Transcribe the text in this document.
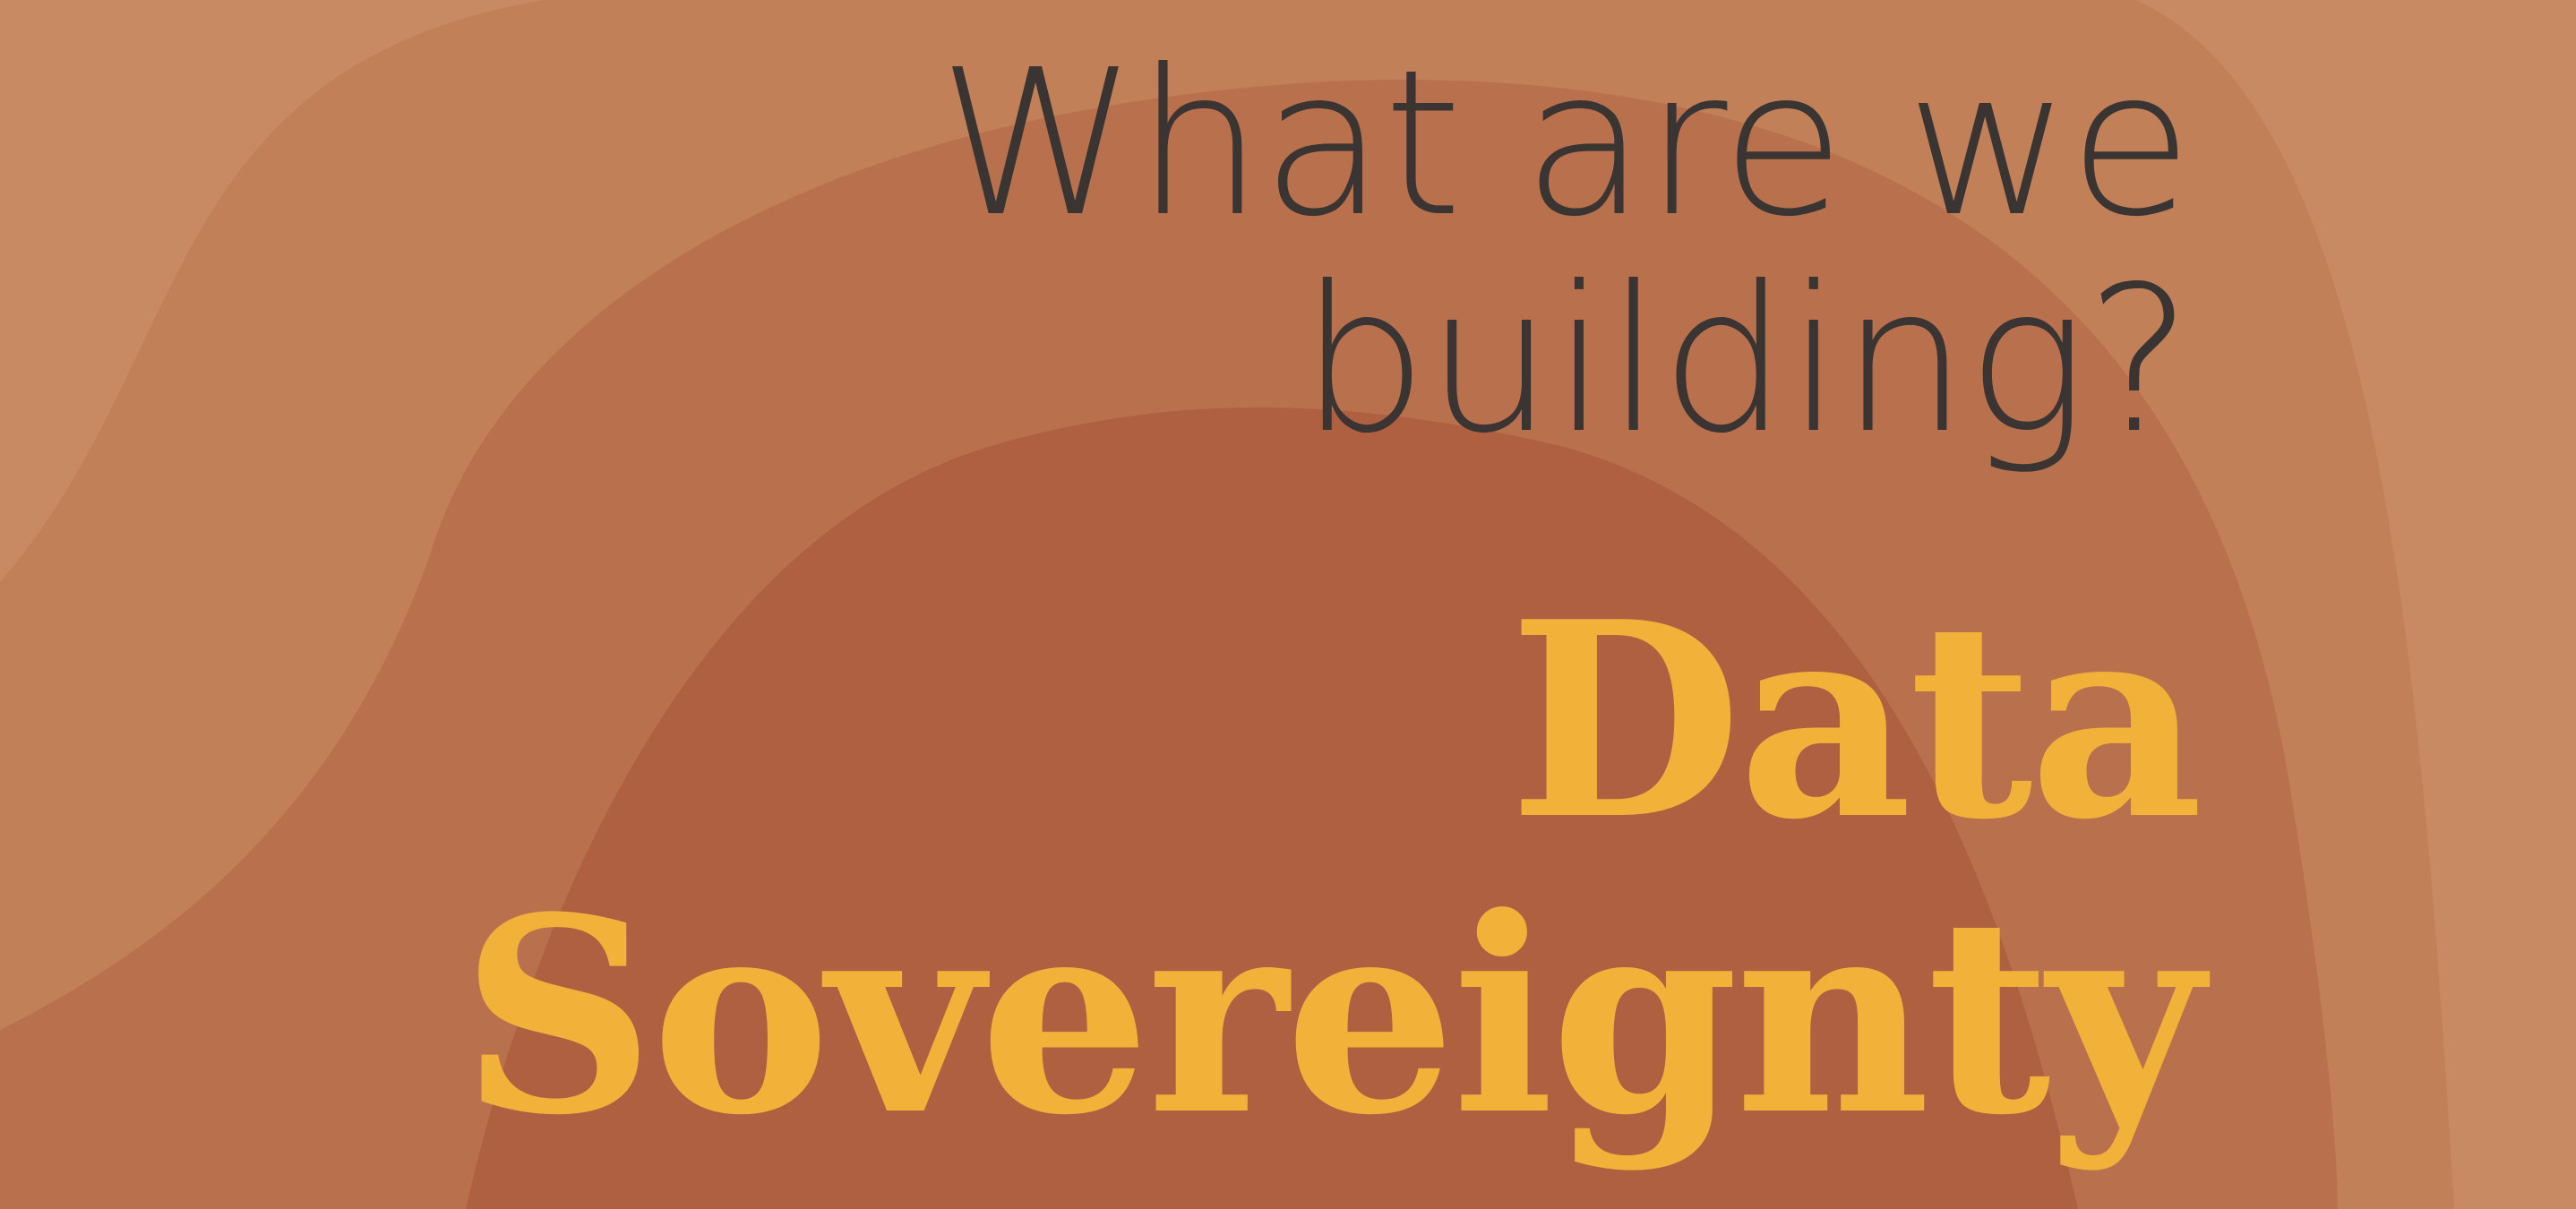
What are we
building?
Data
Sovereignty
